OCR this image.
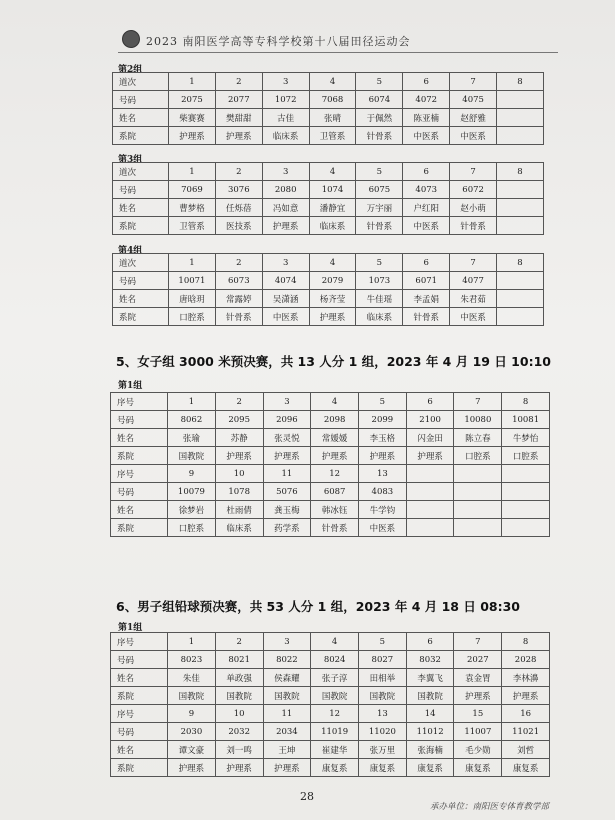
2023 南阳医学高等专科学校第十八届田径运动会
第2组
道次	1	2	3	4	5	6	7	8
号码	2075	2077	1072	7068	6074	4072	4075	
姓名	柴赛赛	樊甜甜	古佳	张晴	于佩然	陈亚楠	赵舒雅	
系院	护理系	护理系	临床系	卫管系	针骨系	中医系	中医系	
第3组
道次	1	2	3	4	5	6	7	8
号码	7069	3076	2080	1074	6075	4073	6072	
姓名	曹梦格	任烁蓓	冯如意	潘静宜	万宇丽	户红阳	赵小萌	
系院	卫管系	医技系	护理系	临床系	针骨系	中医系	针骨系	
第4组
道次	1	2	3	4	5	6	7	8
号码	10071	6073	4074	2079	1073	6071	4077	
姓名	唐晗玥	常露婷	吴潇涵	杨齐莹	牛佳瑶	李孟娟	朱君茹	
系院	口腔系	针骨系	中医系	护理系	临床系	针骨系	中医系	
5、女子组 3000 米预决赛，共 13 人分 1 组，2023 年 4 月 19 日 10:10
第1组
序号	1	2	3	4	5	6	7	8
号码	8062	2095	2096	2098	2099	2100	10080	10081
姓名	张瑜	苏静	张灵悦	常媛媛	李玉格	闪金田	陈立春	牛梦怡
系院	国教院	护理系	护理系	护理系	护理系	护理系	口腔系	口腔系
序号	9	10	11	12	13			
号码	10079	1078	5076	6087	4083			
姓名	徐梦岩	杜雨倩	龚玉梅	韩冰钰	牛学钧			
系院	口腔系	临床系	药学系	针骨系	中医系			
6、男子组铅球预决赛，共 53 人分 1 组，2023 年 4 月 18 日 08:30
第1组
序号	1	2	3	4	5	6	7	8
号码	8023	8021	8022	8024	8027	8032	2027	2028
姓名	朱佳	单政强	侯森耀	张子淳	田相举	李翼飞	袁金胃	李林濞
系院	国教院	国教院	国教院	国教院	国教院	国教院	护理系	护理系
序号	9	10	11	12	13	14	15	16
号码	2030	2032	2034	11019	11020	11012	11007	11021
姓名	谭文豪	刘一鸣	王坤	崔建华	张万里	张海楠	毛少勋	刘哲
系院	护理系	护理系	护理系	康复系	康复系	康复系	康复系	康复系
28
承办单位：南阳医专体育教学部
